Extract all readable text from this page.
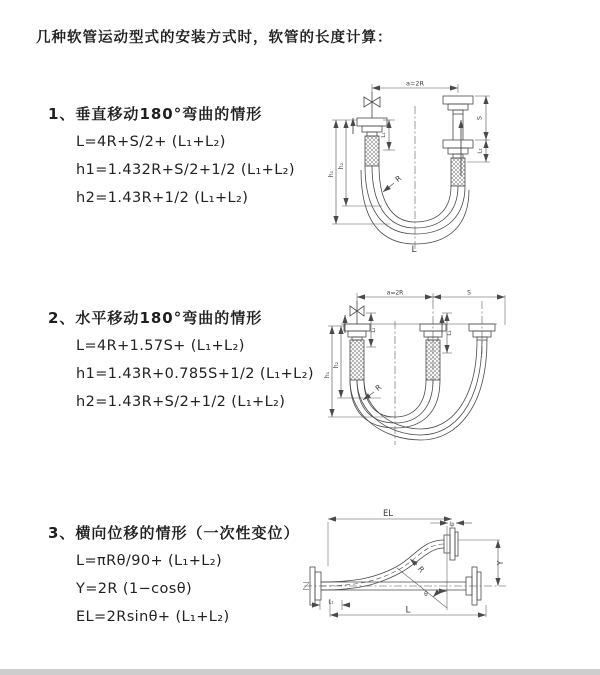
几种软管运动型式的安装方式时，软管的长度计算：
1、垂直移动180°弯曲的情形
L=4R+S/2+ (L₁+L₂)
h1=1.432R+S/2+1/2 (L₁+L₂)
h2=1.43R+1/2 (L₁+L₂)
2、水平移动180°弯曲的情形
L=4R+1.57S+ (L₁+L₂)
h1=1.43R+0.785S+1/2 (L₁+L₂)
h2=1.43R+S/2+1/2 (L₁+L₂)
3、横向位移的情形（一次性变位）
L=πRθ/90+ (L₁+L₂)
Y=2R (1−cosθ)
EL=2Rsinθ+ (L₁+L₂)
a=2R
S
L₂
L₁
h₁
h₂
R
L
a=2R	S
L₁
L₂
h₁
h₂
R
EL
L₂
Y
θ
R
L
L₁
